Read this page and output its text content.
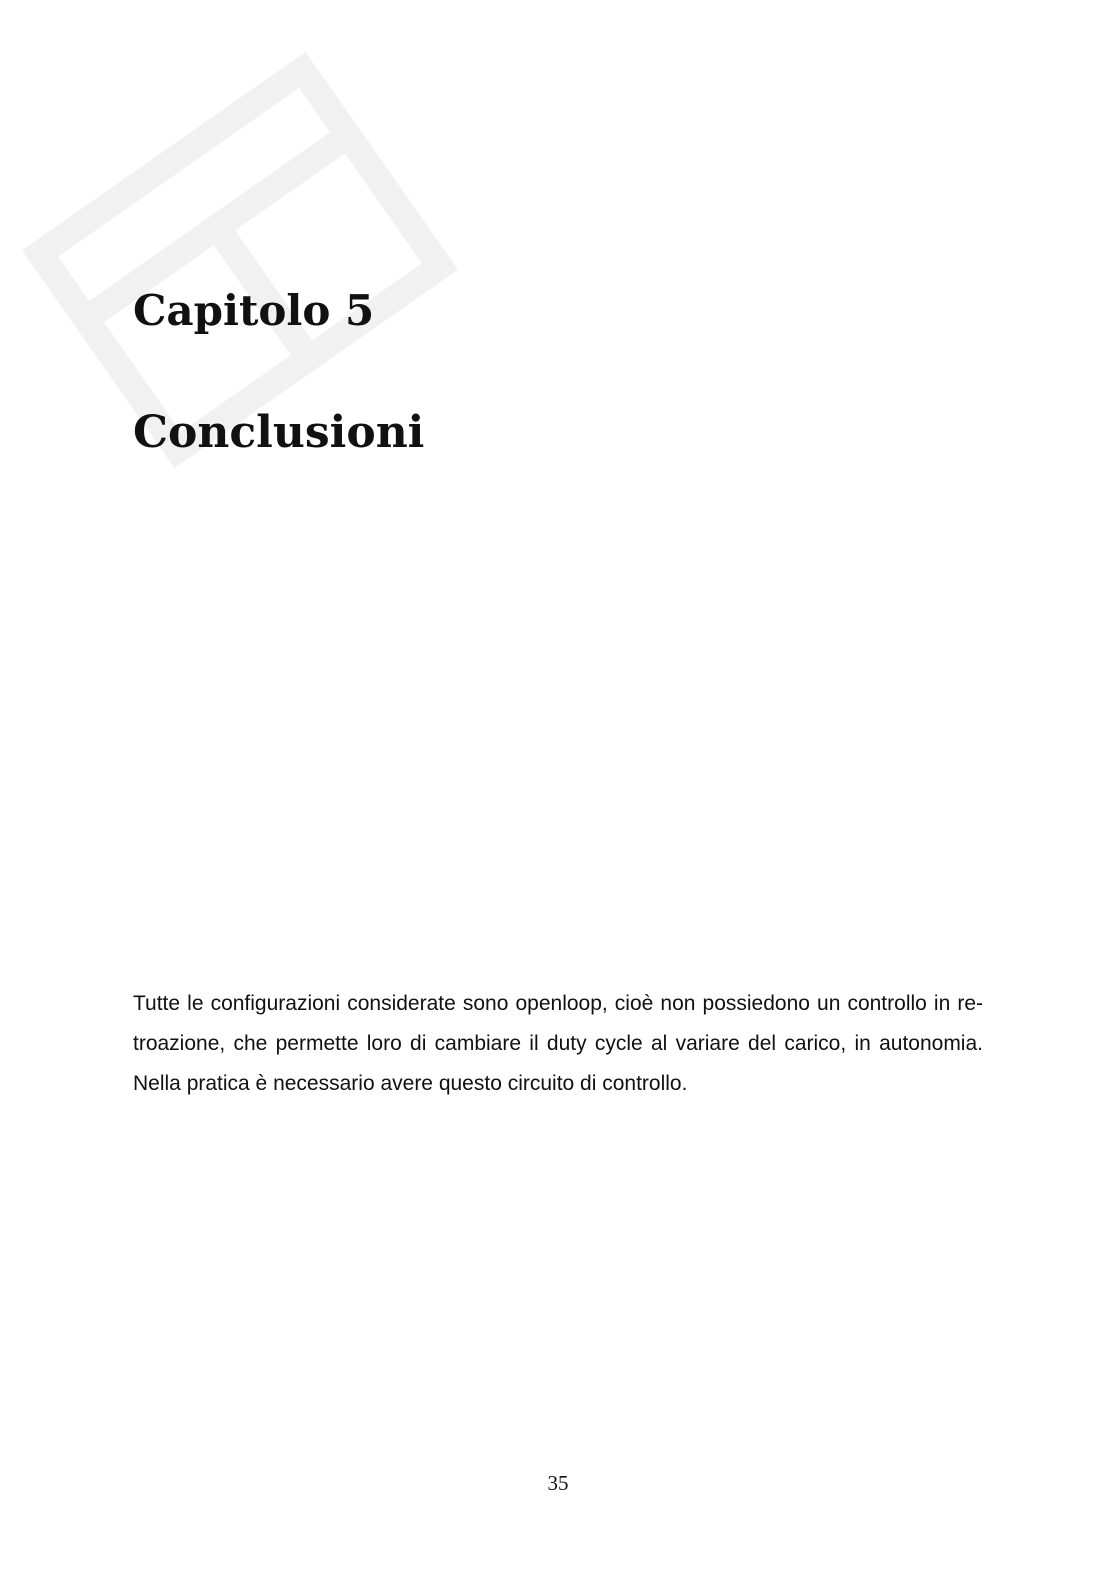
Capitolo 5
Conclusioni

Tutte le configurazioni considerate sono openloop, cioè non possiedono un controllo in re-troazione, che permette loro di cambiare il duty cycle al variare del carico, in autonomia. Nella pratica è necessario avere questo circuito di controllo.

35
